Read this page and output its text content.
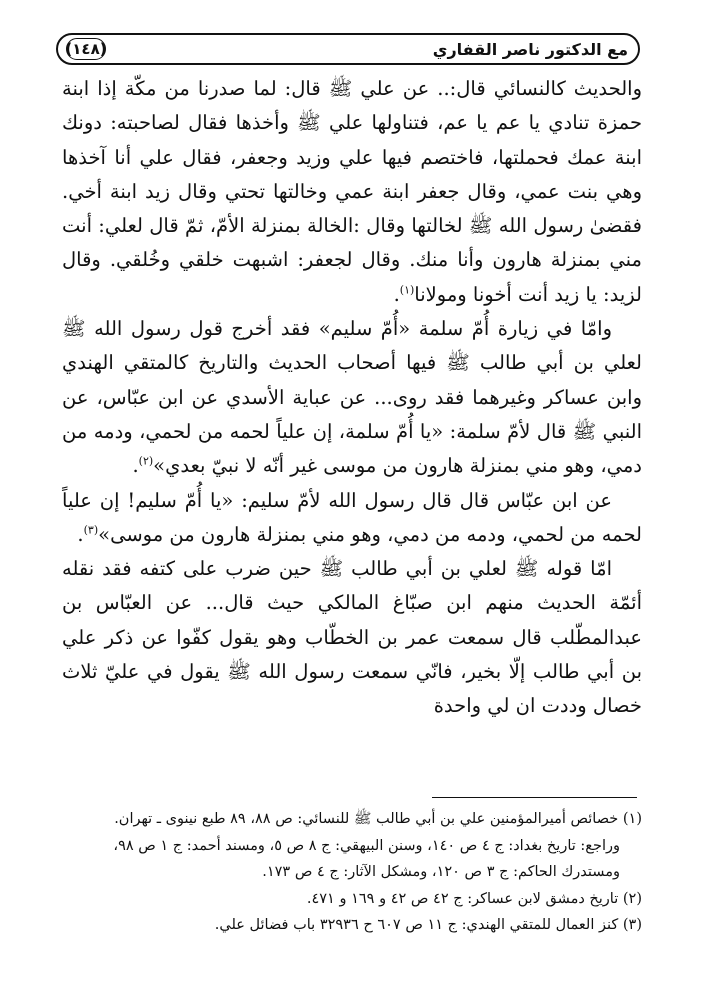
مع الدكتور ناصر القفاري
(١٤٨)

والحديث كالنسائي قال:.. عن علي ﷺ قال: لما صدرنا من مكّة إذا ابنة حمزة تنادي يا عم يا عم، فتناولها علي ﷺ وأخذها فقال لصاحبته: دونك ابنة عمك فحملتها، فاختصم فيها علي وزيد وجعفر، فقال علي أنا آخذها وهي بنت عمي، وقال جعفر ابنة عمي وخالتها تحتي وقال زيد ابنة أخي. فقضىٰ رسول الله ﷺ لخالتها وقال :الخالة بمنزلة الأمّ، ثمّ قال لعلي: أنت مني بمنزلة هارون وأنا منك. وقال لجعفر: اشبهت خلقي وخُلقي. وقال لزيد: يا زيد أنت أخونا ومولانا$^{(١)}$.

وامّا في زيارة أُمّ سلمة «أُمّ سليم» فقد أخرج قول رسول الله ﷺ لعلي بن أبي طالب ﷺ فيها أصحاب الحديث والتاريخ كالمتقي الهندي وابن عساكر وغيرهما فقد روى... عن عباية الأسدي عن ابن عبّاس، عن النبي ﷺ قال لأمّ سلمة: «يا أُمّ سلمة، إن علياً لحمه من لحمي، ودمه من دمي، وهو مني بمنزلة هارون من موسى غير أنّه لا نبيّ بعدي»$^{(٢)}$.

عن ابن عبّاس قال قال رسول الله لأمّ سليم: «يا أُمّ سليم! إن علياً لحمه من لحمي، ودمه من دمي، وهو مني بمنزلة هارون من موسى»$^{(٣)}$.

امّا قوله ﷺ لعلي بن أبي طالب ﷺ حين ضرب على كتفه فقد نقله أئمّة الحديث منهم ابن صبّاغ المالكي حيث قال... عن العبّاس بن عبدالمطّلب قال سمعت عمر بن الخطّاب وهو يقول كفّوا عن ذكر علي بن أبي طالب إلّا بخير، فانّي سمعت رسول الله ﷺ يقول في عليّ ثلاث خصال وددت ان لي واحدة

(١) خصائص أميرالمؤمنين علي بن أبي طالب ﷺ للنسائي: ص ٨٨، ٨٩ طبع نينوى ـ تهران.

وراجع: تاريخ بغداد: ج ٤ ص ١٤٠، وسنن البيهقي: ج ٨ ص ٥، ومسند أحمد: ج ١ ص ٩٨،

ومستدرك الحاكم: ج ٣ ص ١٢٠، ومشكل الآثار: ج ٤ ص ١٧٣.

(٢) تاريخ دمشق لابن عساكر: ج ٤٢ ص ٤٢ و ١٦٩ و ٤٧١.

(٣) كنز العمال للمتقي الهندي: ج ١١ ص ٦٠٧ ح ٣٢٩٣٦ باب فضائل علي.
